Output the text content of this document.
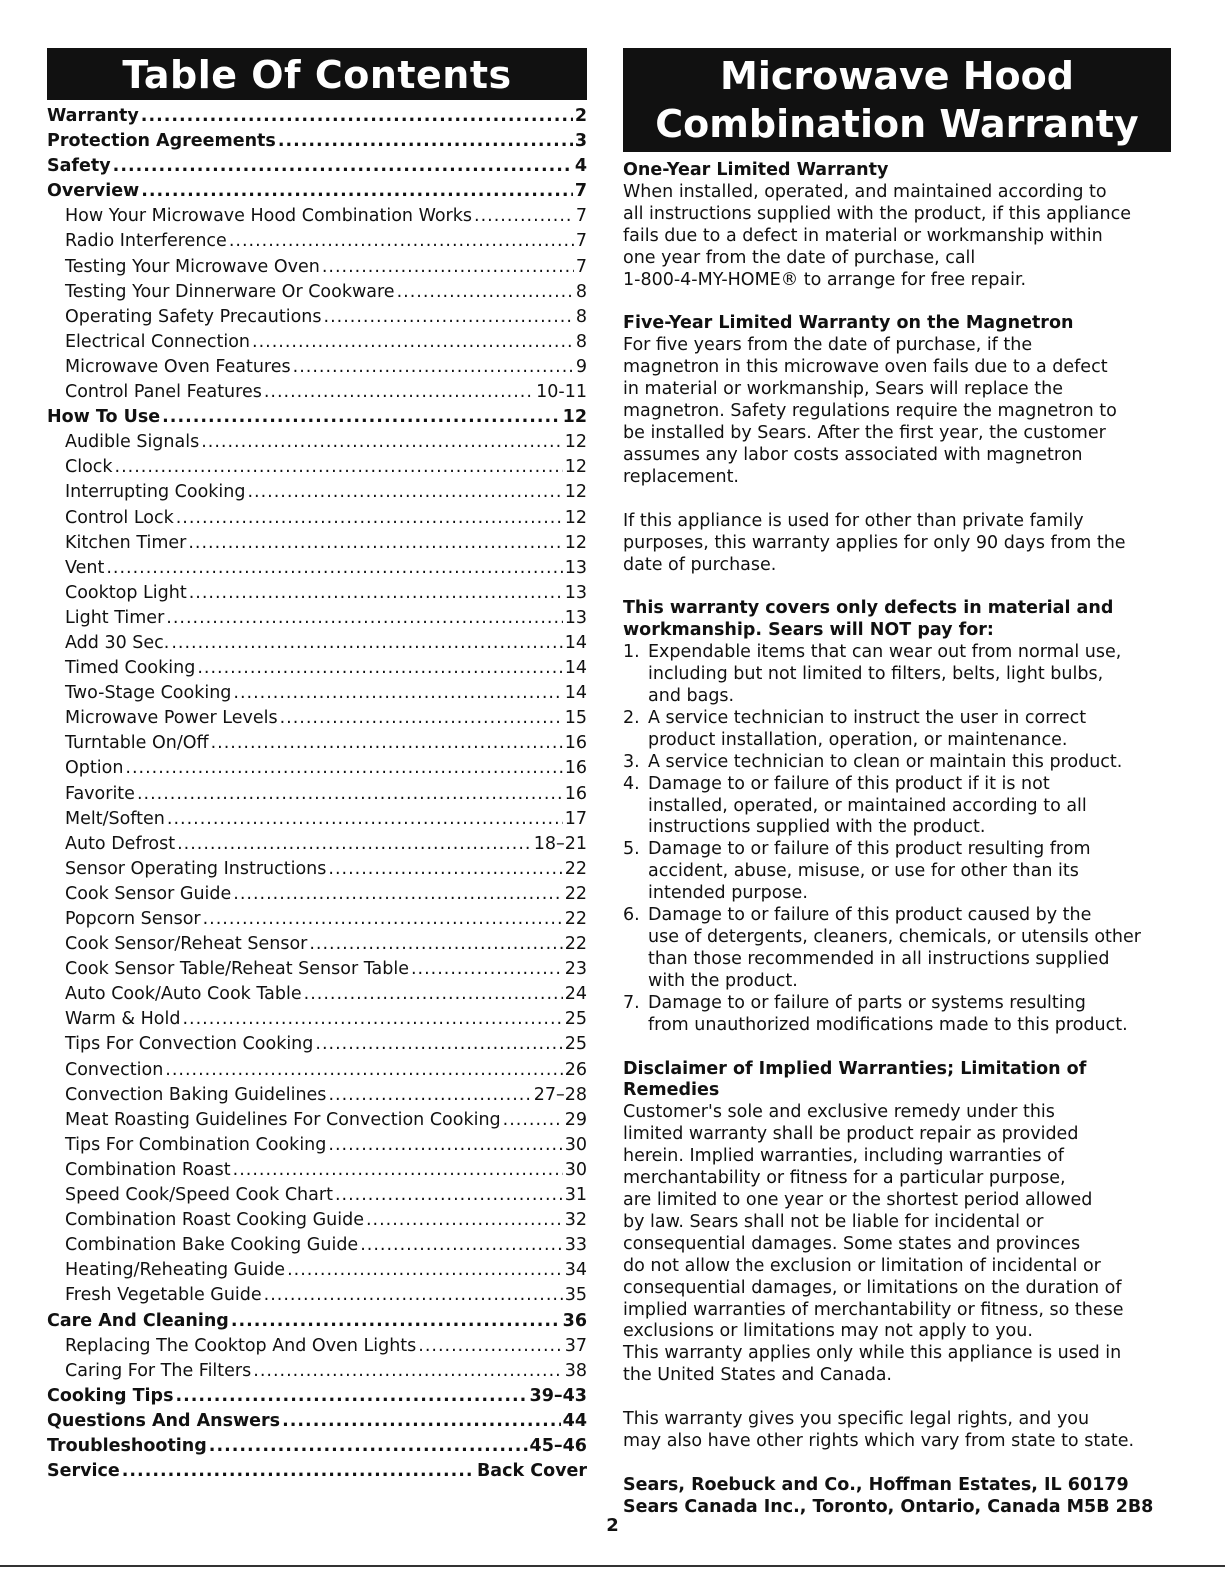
Table Of Contents
Warranty .....	2
Protection Agreements .....	3
Safety .....	4
Overview .....	7
How Your Microwave Hood Combination Works .....	7
Radio Interference .....	7
Testing Your Microwave Oven .....	7
Testing Your Dinnerware Or Cookware .....	8
Operating Safety Precautions .....	8
Electrical Connection .....	8
Microwave Oven Features .....	9
Control Panel Features .....	10-11
How To Use .....	12
Audible Signals .....	12
Clock .....	12
Interrupting Cooking .....	12
Control Lock .....	12
Kitchen Timer .....	12
Vent .....	13
Cooktop Light .....	13
Light Timer .....	13
Add 30 Sec. .....	14
Timed Cooking .....	14
Two-Stage Cooking .....	14
Microwave Power Levels .....	15
Turntable On/Off .....	16
Option .....	16
Favorite .....	16
Melt/Soften .....	17
Auto Defrost .....	18–21
Sensor Operating Instructions .....	22
Cook Sensor Guide .....	22
Popcorn Sensor .....	22
Cook Sensor/Reheat Sensor .....	22
Cook Sensor Table/Reheat Sensor Table .....	23
Auto Cook/Auto Cook Table .....	24
Warm & Hold .....	25
Tips For Convection Cooking .....	25
Convection .....	26
Convection Baking Guidelines .....	27–28
Meat Roasting Guidelines For Convection Cooking .....	29
Tips For Combination Cooking .....	30
Combination Roast .....	30
Speed Cook/Speed Cook Chart .....	31
Combination Roast Cooking Guide .....	32
Combination Bake Cooking Guide .....	33
Heating/Reheating Guide .....	34
Fresh Vegetable Guide .....	35
Care And Cleaning .....	36
Replacing The Cooktop And Oven Lights .....	37
Caring For The Filters .....	38
Cooking Tips .....	39–43
Questions And Answers .....	44
Troubleshooting .....	45–46
Service .....	Back Cover
Microwave Hood
Combination Warranty
One-Year Limited Warranty
When installed, operated, and maintained according to
all instructions supplied with the product, if this appliance
fails due to a defect in material or workmanship within
one year from the date of purchase, call
1-800-4-MY-HOME® to arrange for free repair.
Five-Year Limited Warranty on the Magnetron
For five years from the date of purchase, if the
magnetron in this microwave oven fails due to a defect
in material or workmanship, Sears will replace the
magnetron. Safety regulations require the magnetron to
be installed by Sears. After the first year, the customer
assumes any labor costs associated with magnetron
replacement.
If this appliance is used for other than private family
purposes, this warranty applies for only 90 days from the
date of purchase.
This warranty covers only defects in material and
workmanship. Sears will NOT pay for:
1. Expendable items that can wear out from normal use,
including but not limited to filters, belts, light bulbs,
and bags.
2. A service technician to instruct the user in correct
product installation, operation, or maintenance.
3. A service technician to clean or maintain this product.
4. Damage to or failure of this product if it is not
installed, operated, or maintained according to all
instructions supplied with the product.
5. Damage to or failure of this product resulting from
accident, abuse, misuse, or use for other than its
intended purpose.
6. Damage to or failure of this product caused by the
use of detergents, cleaners, chemicals, or utensils other
than those recommended in all instructions supplied
with the product.
7. Damage to or failure of parts or systems resulting
from unauthorized modifications made to this product.
Disclaimer of Implied Warranties; Limitation of
Remedies
Customer's sole and exclusive remedy under this
limited warranty shall be product repair as provided
herein. Implied warranties, including warranties of
merchantability or fitness for a particular purpose,
are limited to one year or the shortest period allowed
by law. Sears shall not be liable for incidental or
consequential damages. Some states and provinces
do not allow the exclusion or limitation of incidental or
consequential damages, or limitations on the duration of
implied warranties of merchantability or fitness, so these
exclusions or limitations may not apply to you.
This warranty applies only while this appliance is used in
the United States and Canada.
This warranty gives you specific legal rights, and you
may also have other rights which vary from state to state.
Sears, Roebuck and Co., Hoffman Estates, IL 60179
Sears Canada Inc., Toronto, Ontario, Canada M5B 2B8
2
